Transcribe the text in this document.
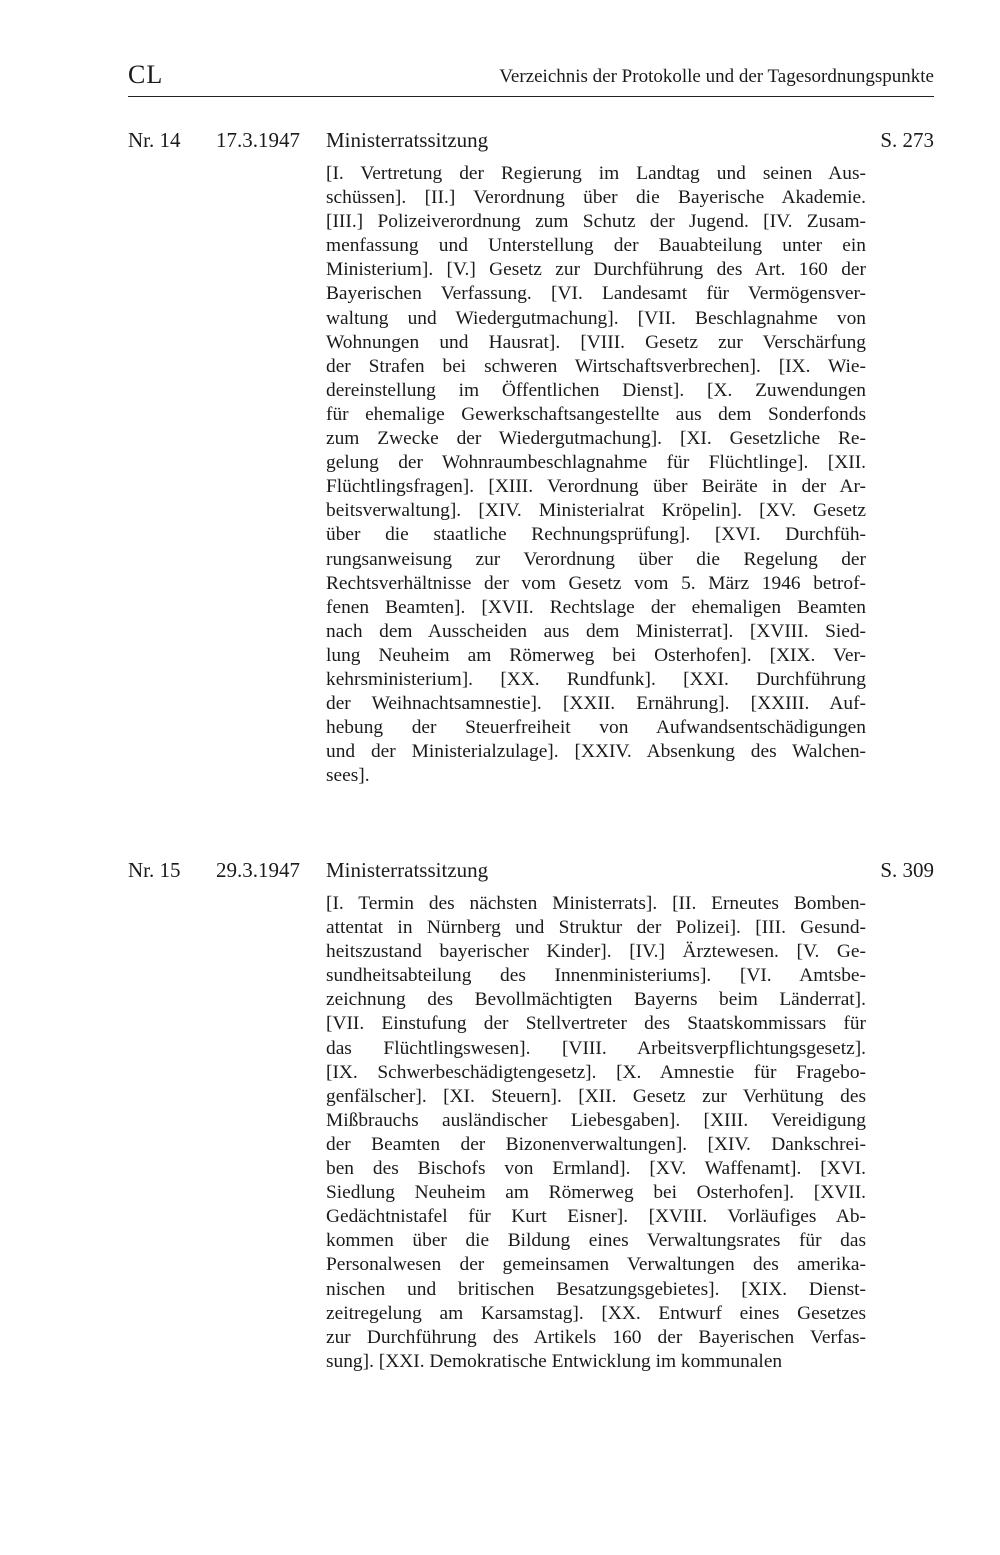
CL	Verzeichnis der Protokolle und der Tagesordnungspunkte
Nr. 14 17.3.1947 Ministerratssitzung	S. 273
[I. Vertretung der Regierung im Landtag und seinen Aus-
schüssen]. [II.] Verordnung über die Bayerische Akademie.
[III.] Polizeiverordnung zum Schutz der Jugend. [IV. Zusam-
menfassung und Unterstellung der Bauabteilung unter ein
Ministerium]. [V.] Gesetz zur Durchführung des Art. 160 der
Bayerischen Verfassung. [VI. Landesamt für Vermögensver-
waltung und Wiedergutmachung]. [VII. Beschlagnahme von
Wohnungen und Hausrat]. [VIII. Gesetz zur Verschärfung
der Strafen bei schweren Wirtschaftsverbrechen]. [IX. Wie-
dereinstellung im Öffentlichen Dienst]. [X. Zuwendungen
für ehemalige Gewerkschaftsangestellte aus dem Sonderfonds
zum Zwecke der Wiedergutmachung]. [XI. Gesetzliche Re-
gelung der Wohnraumbeschlagnahme für Flüchtlinge]. [XII.
Flüchtlingsfragen]. [XIII. Verordnung über Beiräte in der Ar-
beitsverwaltung]. [XIV. Ministerialrat Kröpelin]. [XV. Gesetz
über die staatliche Rechnungsprüfung]. [XVI. Durchfüh-
rungsanweisung zur Verordnung über die Regelung der
Rechtsverhältnisse der vom Gesetz vom 5. März 1946 betrof-
fenen Beamten]. [XVII. Rechtslage der ehemaligen Beamten
nach dem Ausscheiden aus dem Ministerrat]. [XVIII. Sied-
lung Neuheim am Römerweg bei Osterhofen]. [XIX. Ver-
kehrsministerium]. [XX. Rundfunk]. [XXI. Durchführung
der Weihnachtsamnestie]. [XXII. Ernährung]. [XXIII. Auf-
hebung der Steuerfreiheit von Aufwandsentschädigungen
und der Ministerialzulage]. [XXIV. Absenkung des Walchen-
sees].
Nr. 15 29.3.1947 Ministerratssitzung	S. 309
[I. Termin des nächsten Ministerrats]. [II. Erneutes Bomben-
attentat in Nürnberg und Struktur der Polizei]. [III. Gesund-
heitszustand bayerischer Kinder]. [IV.] Ärztewesen. [V. Ge-
sundheitsabteilung des Innenministeriums]. [VI. Amtsbe-
zeichnung des Bevollmächtigten Bayerns beim Länderrat].
[VII. Einstufung der Stellvertreter des Staatskommissars für
das Flüchtlingswesen]. [VIII. Arbeitsverpflichtungsgesetz].
[IX. Schwerbeschädigtengesetz]. [X. Amnestie für Fragebo-
genfälscher]. [XI. Steuern]. [XII. Gesetz zur Verhütung des
Mißbrauchs ausländischer Liebesgaben]. [XIII. Vereidigung
der Beamten der Bizonenverwaltungen]. [XIV. Dankschrei-
ben des Bischofs von Ermland]. [XV. Waffenamt]. [XVI.
Siedlung Neuheim am Römerweg bei Osterhofen]. [XVII.
Gedächtnistafel für Kurt Eisner]. [XVIII. Vorläufiges Ab-
kommen über die Bildung eines Verwaltungsrates für das
Personalwesen der gemeinsamen Verwaltungen des amerika-
nischen und britischen Besatzungsgebietes]. [XIX. Dienst-
zeitregelung am Karsamstag]. [XX. Entwurf eines Gesetzes
zur Durchführung des Artikels 160 der Bayerischen Verfas-
sung]. [XXI. Demokratische Entwicklung im kommunalen
